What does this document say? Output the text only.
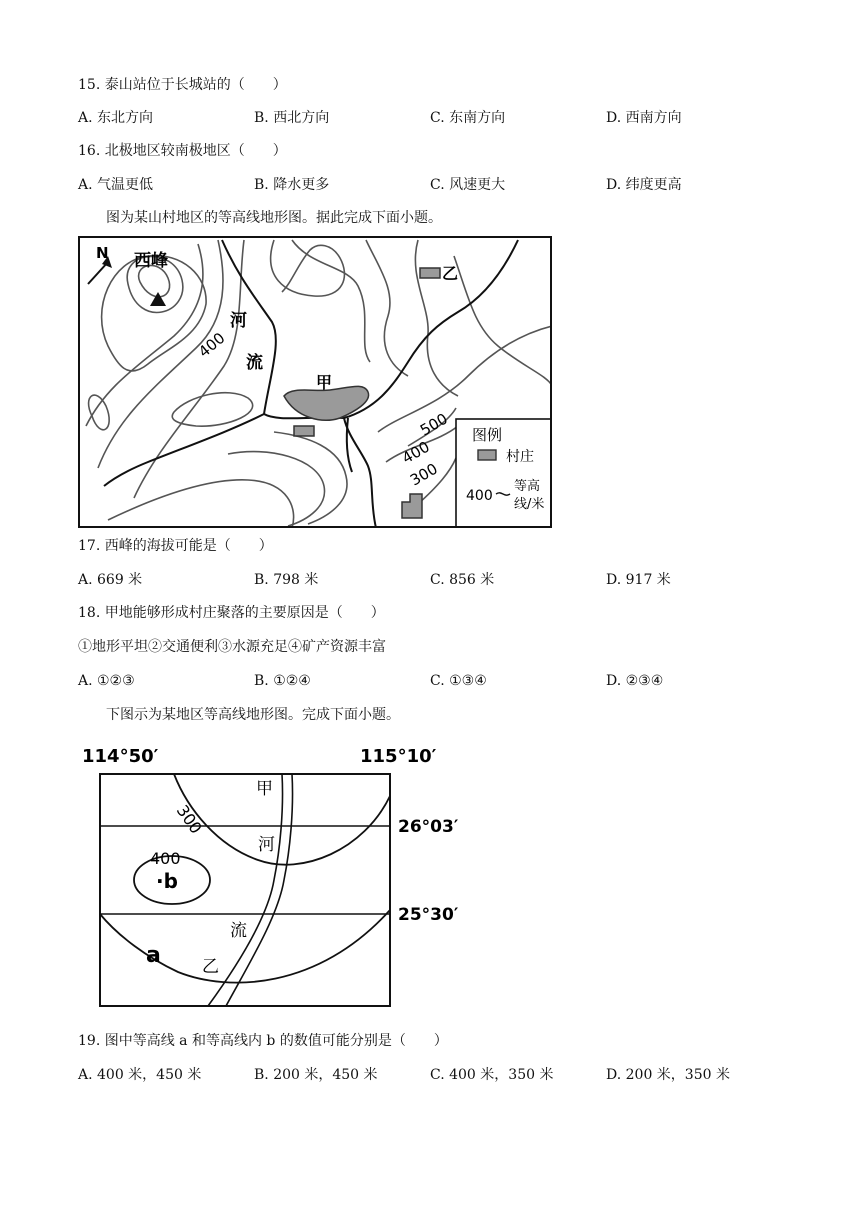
15. 泰山站位于长城站的（　　）
A. 东北方向	B. 西北方向	C. 东南方向	D. 西南方向
16. 北极地区较南极地区（　　）
A. 气温更低	B. 降水更多	C. 风速更大	D. 纬度更高
图为某山村地区的等高线地形图。据此完成下面小题。
N 西峰
河
流
甲
乙
400
500
400
300
图例
村庄
400
等高
线/米
17. 西峰的海拔可能是（　　）
A. 669 米	B. 798 米	C. 856 米	D. 917 米
18. 甲地能够形成村庄聚落的主要原因是（　　）
①地形平坦②交通便利③水源充足④矿产资源丰富
A. ①②③	B. ①②④	C. ①③④	D. ②③④
下图示为某地区等高线地形图。完成下面小题。
114°50′	115°10′
26°03′
25°30′
300
400
·b
a
甲
乙
河
流
19. 图中等高线 a 和等高线内 b 的数值可能分别是（　　）
A. 400 米，450 米	B. 200 米，450 米	C. 400 米，350 米	D. 200 米，350 米
